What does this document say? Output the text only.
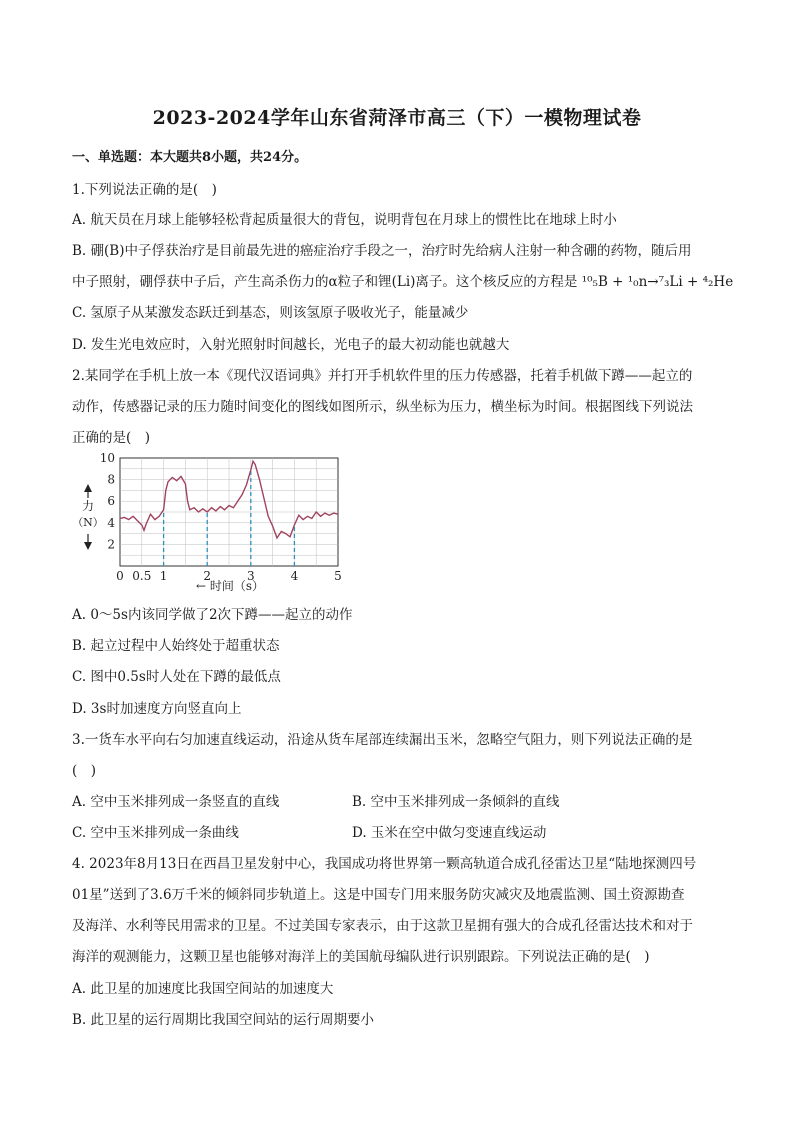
2023-2024学年山东省菏泽市高三（下）一模物理试卷
一、单选题：本大题共8小题，共24分。
1.下列说法正确的是(　)
A. 航天员在月球上能够轻松背起质量很大的背包，说明背包在月球上的惯性比在地球上时小
B. 硼(B)中子俘获治疗是目前最先进的癌症治疗手段之一，治疗时先给病人注射一种含硼的药物，随后用
中子照射，硼俘获中子后，产生高杀伤力的α粒子和锂(Li)离子。这个核反应的方程是 ¹⁰₅B + ¹₀n→⁷₃Li + ⁴₂He
C. 氢原子从某激发态跃迁到基态，则该氢原子吸收光子，能量减少
D. 发生光电效应时，入射光照射时间越长，光电子的最大初动能也就越大
2.某同学在手机上放一本《现代汉语词典》并打开手机软件里的压力传感器，托着手机做下蹲——起立的
动作，传感器记录的压力随时间变化的图线如图所示，纵坐标为压力，横坐标为时间。根据图线下列说法
正确的是(　)
2
4
6
8
10
0 0.5 1	2	3	4	5
力
（N）
← 时间（s）
A. 0～5s内该同学做了2次下蹲——起立的动作
B. 起立过程中人始终处于超重状态
C. 图中0.5s时人处在下蹲的最低点
D. 3s时加速度方向竖直向上
3.一货车水平向右匀加速直线运动，沿途从货车尾部连续漏出玉米，忽略空气阻力，则下列说法正确的是
(　)
A. 空中玉米排列成一条竖直的直线	B. 空中玉米排列成一条倾斜的直线
C. 空中玉米排列成一条曲线	D. 玉米在空中做匀变速直线运动
4. 2023年8月13日在西昌卫星发射中心，我国成功将世界第一颗高轨道合成孔径雷达卫星“陆地探测四号
01星”送到了3.6万千米的倾斜同步轨道上。这是中国专门用来服务防灾减灾及地震监测、国土资源勘查
及海洋、水利等民用需求的卫星。不过美国专家表示，由于这款卫星拥有强大的合成孔径雷达技术和对于
海洋的观测能力，这颗卫星也能够对海洋上的美国航母编队进行识别跟踪。下列说法正确的是(　)
A. 此卫星的加速度比我国空间站的加速度大
B. 此卫星的运行周期比我国空间站的运行周期要小
